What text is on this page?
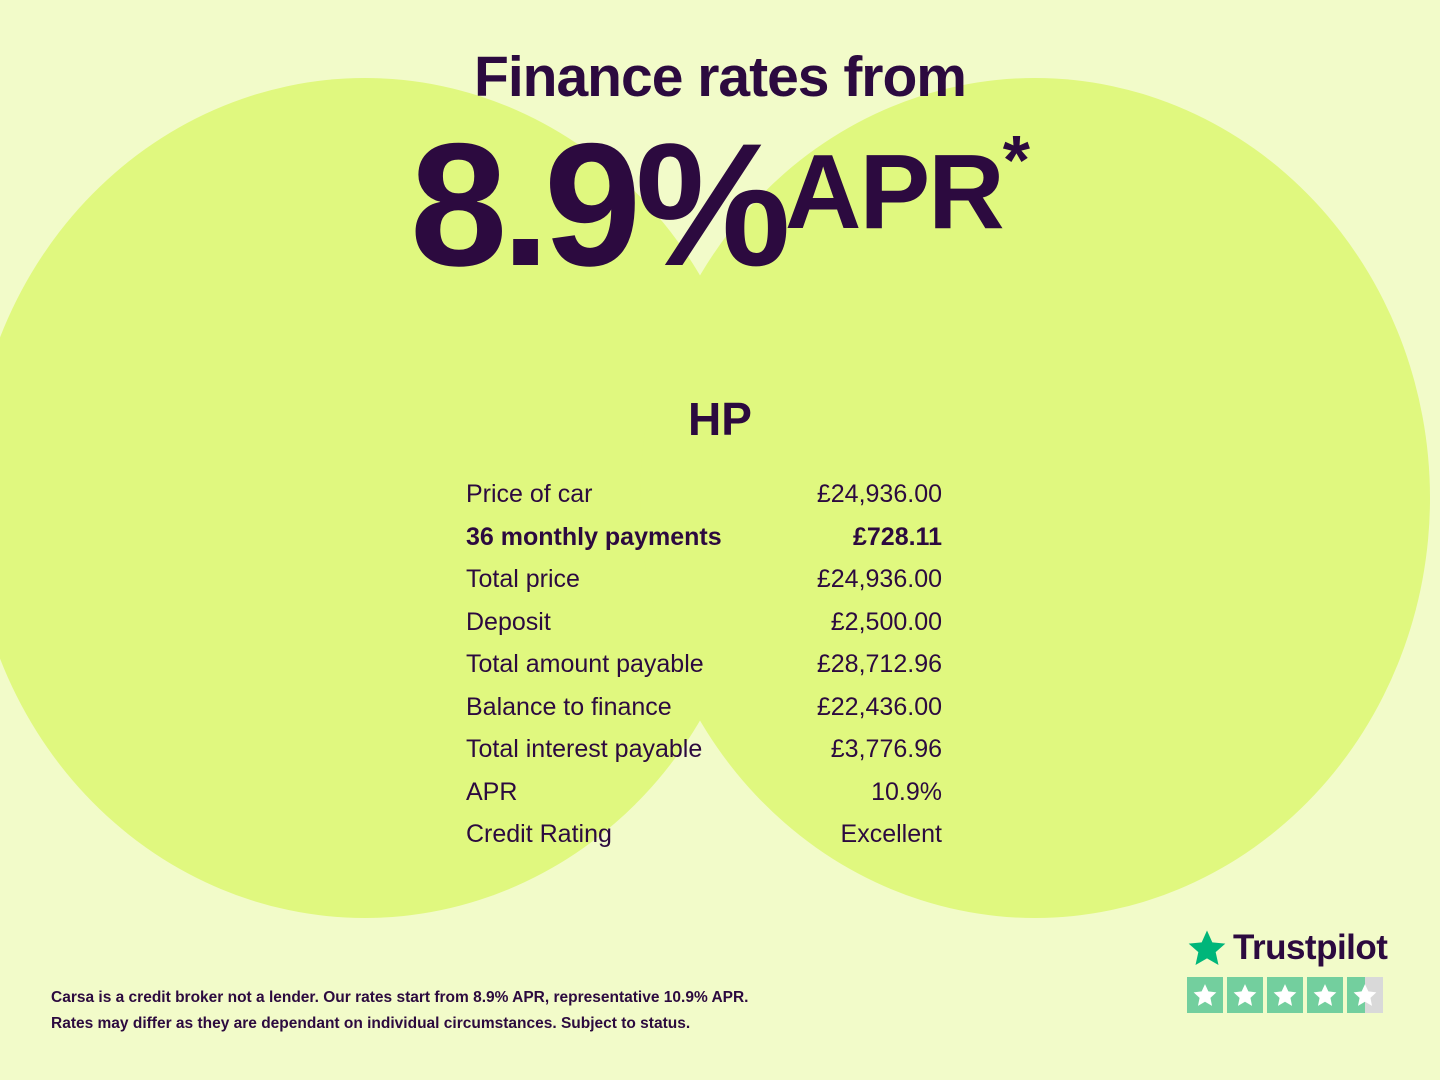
Finance rates from
8.9%APR*
HP
Price of car	£24,936.00
36 monthly payments	£728.11
Total price	£24,936.00
Deposit	£2,500.00
Total amount payable	£28,712.96
Balance to finance	£22,436.00
Total interest payable	£3,776.96
APR	10.9%
Credit Rating	Excellent
Carsa is a credit broker not a lender. Our rates start from 8.9% APR, representative 10.9% APR.
Rates may differ as they are dependant on individual circumstances. Subject to status.
Trustpilot
